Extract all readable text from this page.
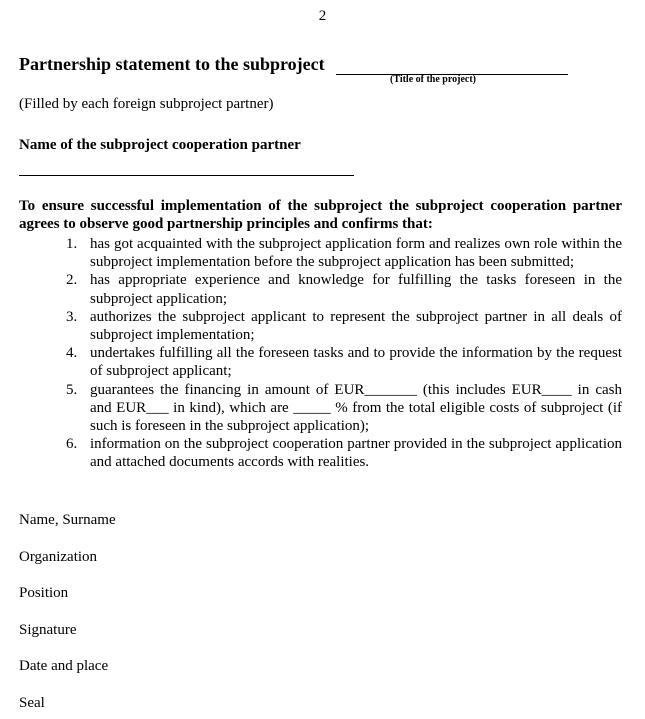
2
Partnership statement to the subproject
(Title of the project)
(Filled by each foreign subproject partner)
Name of the subproject cooperation partner
To ensure successful implementation of the subproject the subproject cooperation partner agrees to observe good partnership principles and confirms that:
1. has got acquainted with the subproject application form and realizes own role within the subproject implementation before the subproject application has been submitted;
2. has appropriate experience and knowledge for fulfilling the tasks foreseen in the subproject application;
3. authorizes the subproject applicant to represent the subproject partner in all deals of subproject implementation;
4. undertakes fulfilling all the foreseen tasks and to provide the information by the request of subproject applicant;
5. guarantees the financing in amount of EUR_______ (this includes EUR____ in cash and EUR___ in kind), which are _____ % from the total eligible costs of subproject (if such is foreseen in the subproject application);
6. information on the subproject cooperation partner provided in the subproject application and attached documents accords with realities.
Name, Surname
Organization
Position
Signature
Date and place
Seal
